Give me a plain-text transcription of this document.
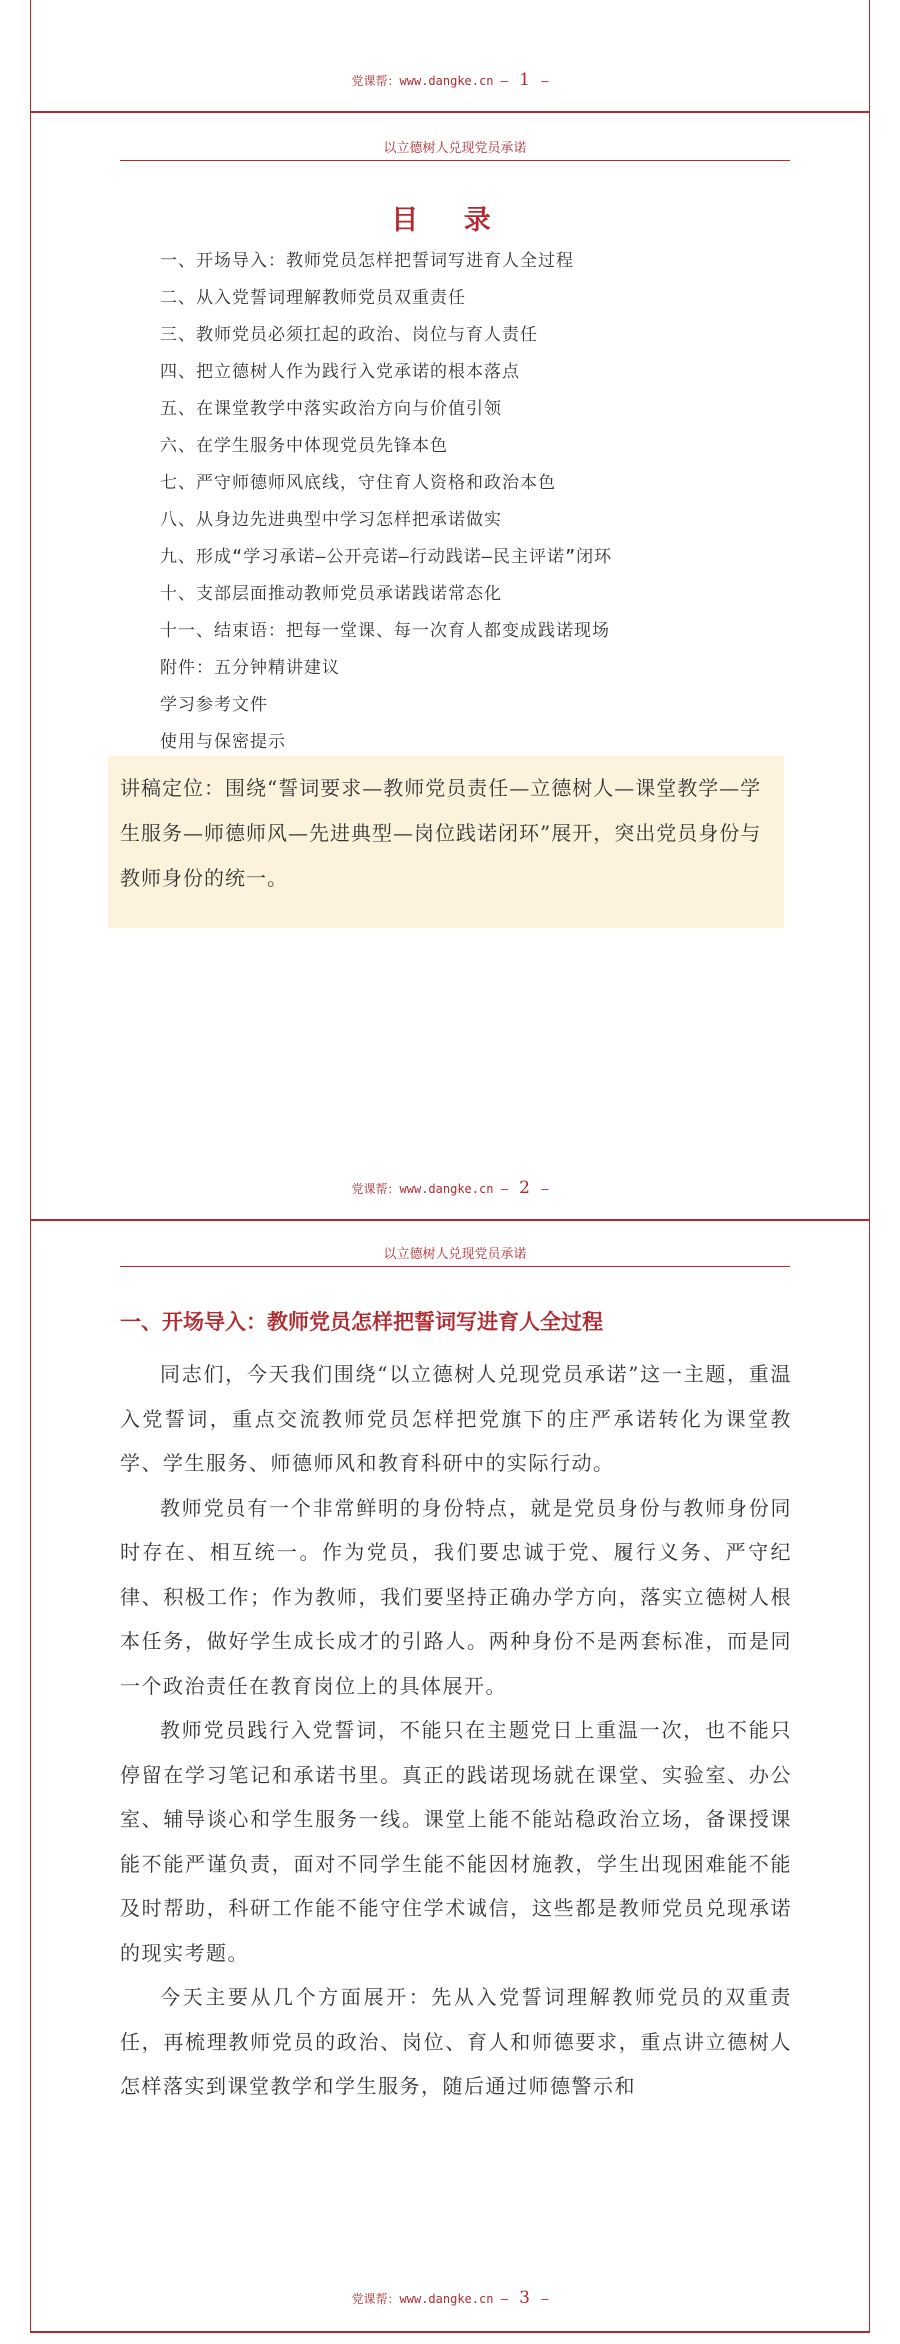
党课帮：www.dangke.cn — 1 —
以立德树人兑现党员承诺
目 录
一、开场导入：教师党员怎样把誓词写进育人全过程
二、从入党誓词理解教师党员双重责任
三、教师党员必须扛起的政治、岗位与育人责任
四、把立德树人作为践行入党承诺的根本落点
五、在课堂教学中落实政治方向与价值引领
六、在学生服务中体现党员先锋本色
七、严守师德师风底线，守住育人资格和政治本色
八、从身边先进典型中学习怎样把承诺做实
九、形成“学习承诺—公开亮诺—行动践诺—民主评诺”闭环
十、支部层面推动教师党员承诺践诺常态化
十一、结束语：把每一堂课、每一次育人都变成践诺现场
附件：五分钟精讲建议
学习参考文件
使用与保密提示
讲稿定位：围绕“誓词要求—教师党员责任—立德树人—课堂教学—学生服务—师德师风—先进典型—岗位践诺闭环”展开，突出党员身份与教师身份的统一。
党课帮：www.dangke.cn — 2 —
以立德树人兑现党员承诺
一、开场导入：教师党员怎样把誓词写进育人全过程

同志们，今天我们围绕“以立德树人兑现党员承诺”这一主题，重温入党誓词，重点交流教师党员怎样把党旗下的庄严承诺转化为课堂教学、学生服务、师德师风和教育科研中的实际行动。

教师党员有一个非常鲜明的身份特点，就是党员身份与教师身份同时存在、相互统一。作为党员，我们要忠诚于党、履行义务、严守纪律、积极工作；作为教师，我们要坚持正确办学方向，落实立德树人根本任务，做好学生成长成才的引路人。两种身份不是两套标准，而是同一个政治责任在教育岗位上的具体展开。

教师党员践行入党誓词，不能只在主题党日上重温一次，也不能只停留在学习笔记和承诺书里。真正的践诺现场就在课堂、实验室、办公室、辅导谈心和学生服务一线。课堂上能不能站稳政治立场，备课授课能不能严谨负责，面对不同学生能不能因材施教，学生出现困难能不能及时帮助，科研工作能不能守住学术诚信，这些都是教师党员兑现承诺的现实考题。

今天主要从几个方面展开：先从入党誓词理解教师党员的双重责任，再梳理教师党员的政治、岗位、育人和师德要求，重点讲立德树人怎样落实到课堂教学和学生服务，随后通过师德警示和

党课帮：www.dangke.cn — 3 —
